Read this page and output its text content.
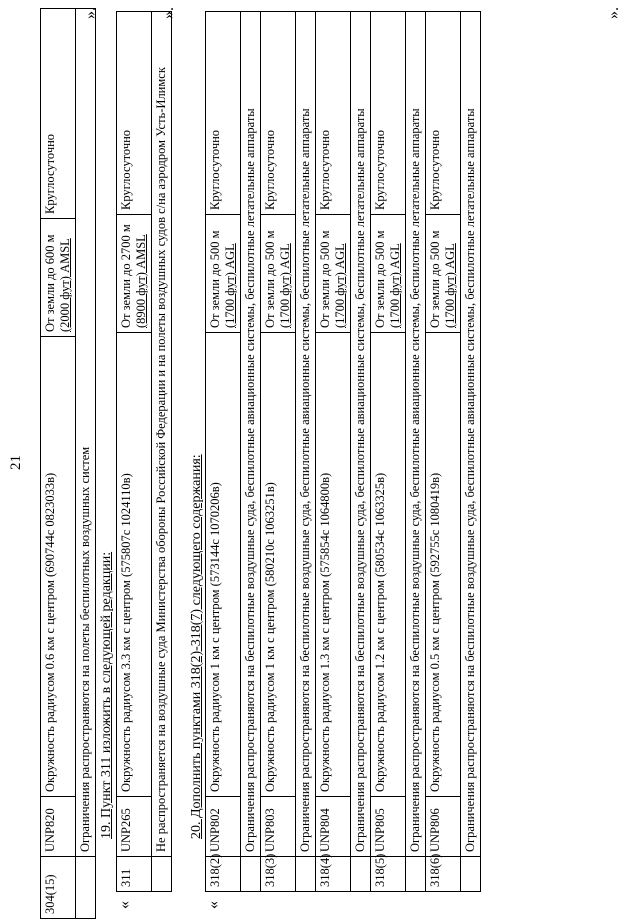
21
304(15)	UNP820	Окружность радиусом 0.6 км с центром (690744с 0823033в)	От земли до 600 м (2000 фут) AMSL	Круглосуточно
	Ограничения распространяются на полеты беспилотных воздушных систем			
».
19. Пункт 311 изложить в следующей редакции:
«
311	UNP265	Окружность радиусом 3.3 км с центром (575807с 1024110в)	От земли до 2700 м (8900 фут) AMSL	Круглосуточно
	Не распространяется на воздушные суда Министерства обороны Российской Федерации и на полеты воздушных судов с/на аэродром Усть-Илимск			
».
20. Дополнить пунктами 318(2)-318(7) следующего содержания:
«
318(2)	UNP802	Окружность радиусом 1 км с центром (573144с 1070206в)	От земли до 500 м (1700 фут) AGL	Круглосуточно
	Ограничения распространяются на беспилотные воздушные суда, беспилотные авиационные системы, беспилотные летательные аппараты			
318(3)	UNP803	Окружность радиусом 1 км с центром (580210с 1063251в)	От земли до 500 м (1700 фут) AGL	Круглосуточно
	Ограничения распространяются на беспилотные воздушные суда, беспилотные авиационные системы, беспилотные летательные аппараты			
318(4)	UNP804	Окружность радиусом 1.3 км с центром (575854с 1064800в)	От земли до 500 м (1700 фут) AGL	Круглосуточно
	Ограничения распространяются на беспилотные воздушные суда, беспилотные авиационные системы, беспилотные летательные аппараты			
318(5)	UNP805	Окружность радиусом 1.2 км с центром (580534с 1063325в)	От земли до 500 м (1700 фут) AGL	Круглосуточно
	Ограничения распространяются на беспилотные воздушные суда, беспилотные авиационные системы, беспилотные летательные аппараты			
318(6)	UNP806	Окружность радиусом 0.5 км с центром (592755с 1080419в)	От земли до 500 м (1700 фут) AGL	Круглосуточно
	Ограничения распространяются на беспилотные воздушные суда, беспилотные авиационные системы, беспилотные летательные аппараты			
».
